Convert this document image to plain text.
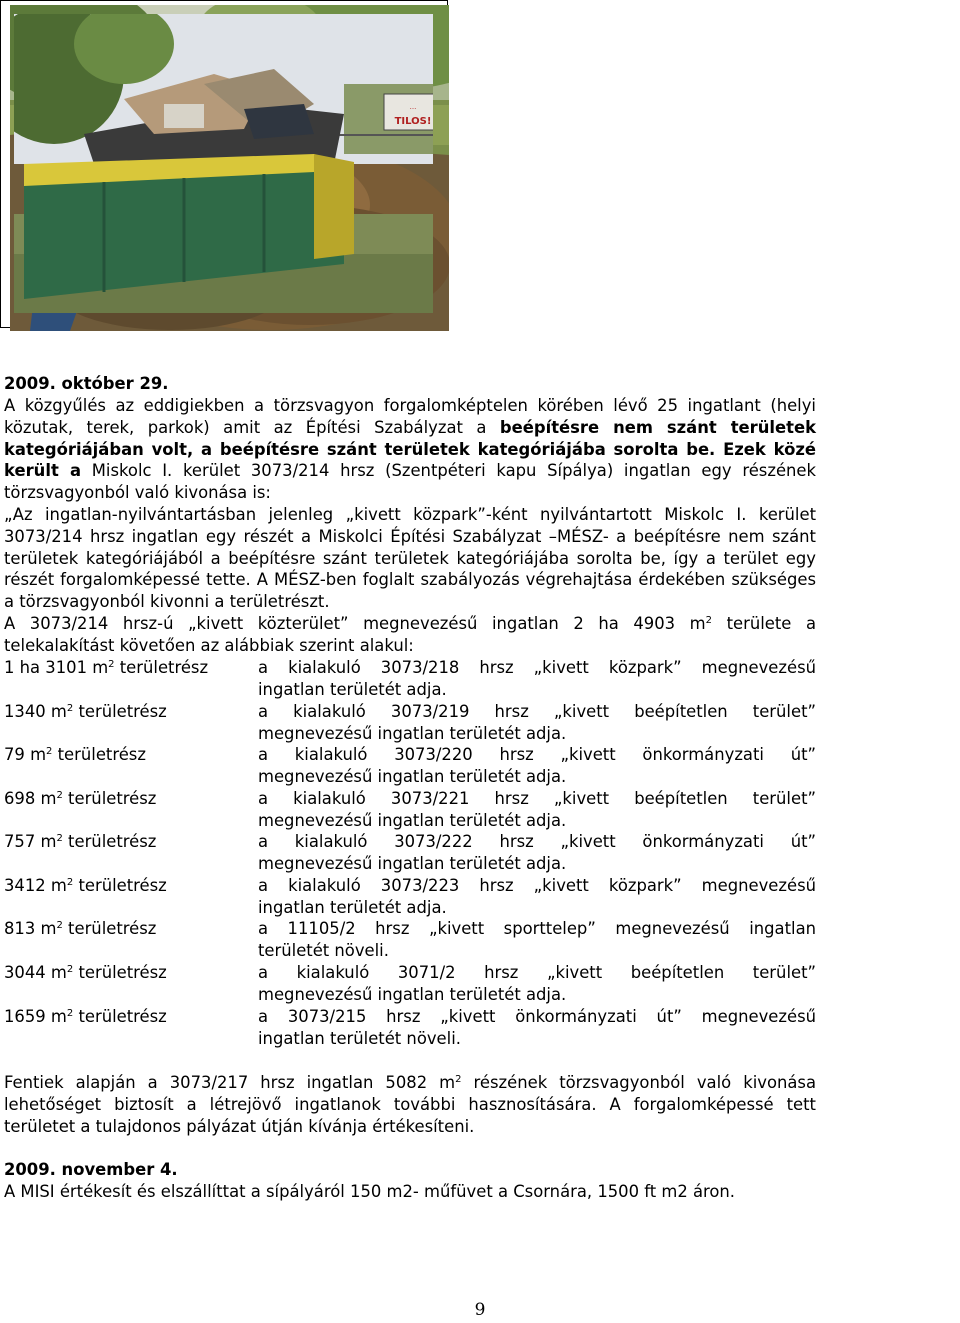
...
TILOS!
2009. október 29.
A közgyűlés az eddigiekben a törzsvagyon forgalomképtelen körében lévő 25 ingatlant (helyi közutak, terek, parkok) amit az Építési Szabályzat a beépítésre nem szánt területek kategóriájában volt, a beépítésre szánt területek kategóriájába sorolta be. Ezek közé került a Miskolc I. kerület 3073/214 hrsz (Szentpéteri kapu Sípálya) ingatlan egy részének törzsvagyonból való kivonása is:
„Az ingatlan-nyilvántartásban jelenleg „kivett közpark”-ként nyilvántartott Miskolc I. kerület 3073/214 hrsz ingatlan egy részét a Miskolci Építési Szabályzat –MÉSZ- a beépítésre nem szánt területek kategóriájából a beépítésre szánt területek kategóriájába sorolta be, így a terület egy részét forgalomképessé tette. A MÉSZ-ben foglalt szabályozás végrehajtása érdekében szükséges a törzsvagyonból kivonni a területrészt.
A 3073/214 hrsz-ú „kivett közterület” megnevezésű ingatlan 2 ha 4903 $m^2$ területe a telekalakítást követően az alábbiak szerint alakul:
1 ha 3101 $m^2$ területrész	a kialakuló 3073/218 hrsz „kivett közpark” megnevezésű
ingatlan területét adja.
1340 $m^2$ területrész	a kialakuló 3073/219 hrsz „kivett beépítetlen terület”
megnevezésű ingatlan területét adja.
79 $m^2$ területrész	a kialakuló 3073/220 hrsz „kivett önkormányzati út”
megnevezésű ingatlan területét adja.
698 $m^2$ területrész	a kialakuló 3073/221 hrsz „kivett beépítetlen terület”
megnevezésű ingatlan területét adja.
757 $m^2$ területrész	a kialakuló 3073/222 hrsz „kivett önkormányzati út”
megnevezésű ingatlan területét adja.
3412 $m^2$ területrész	a kialakuló 3073/223 hrsz „kivett közpark” megnevezésű
ingatlan területét adja.
813 $m^2$ területrész	a 11105/2 hrsz „kivett sporttelep” megnevezésű ingatlan
területét növeli.
3044 $m^2$ területrész	a kialakuló 3071/2 hrsz „kivett beépítetlen terület”
megnevezésű ingatlan területét adja.
1659 $m^2$ területrész	a 3073/215 hrsz „kivett önkormányzati út” megnevezésű
ingatlan területét növeli.
Fentiek alapján a 3073/217 hrsz ingatlan 5082 $m^2$ részének törzsvagyonból való kivonása lehetőséget biztosít a létrejövő ingatlanok további hasznosítására. A forgalomképessé tett területet a tulajdonos pályázat útján kívánja értékesíteni.
2009. november 4.
A MISI értékesít és elszállíttat a sípályáról 150 m2- műfüvet a Csornára, 1500 ft m2 áron.
9
